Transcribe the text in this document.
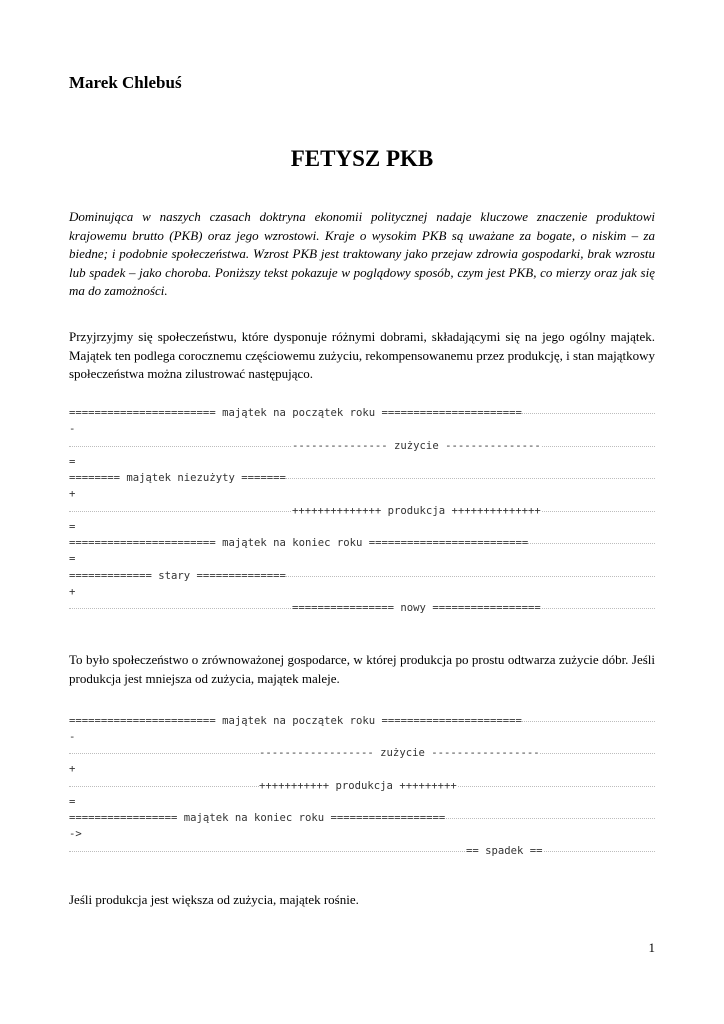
Marek Chlebuś
FETYSZ PKB
Dominująca w naszych czasach doktryna ekonomii politycznej nadaje kluczowe znaczenie produktowi krajowemu brutto (PKB) oraz jego wzrostowi. Kraje o wysokim PKB są uważane za bogate, o niskim – za biedne; i podobnie społeczeństwa. Wzrost PKB jest traktowany jako przejaw zdrowia gospodarki, brak wzrostu lub spadek – jako choroba. Poniższy tekst pokazuje w poglądowy sposób, czym jest PKB, co mierzy oraz jak się ma do zamożności.
Przyjrzyjmy się społeczeństwu, które dysponuje różnymi dobrami, składającymi się na jego ogólny majątek. Majątek ten podlega corocznemu częściowemu zużyciu, rekompensowanemu przez produkcję, i stan majątkowy społeczeństwa można zilustrować następująco.
======================= majątek na początek roku ======================
-
--------------- zużycie ---------------
=
======== majątek niezużyty =======
+
++++++++++++++ produkcja ++++++++++++++
=
======================= majątek na koniec roku =========================
=
============= stary ==============
+
================ nowy =================
To było społeczeństwo o zrównoważonej gospodarce, w której produkcja po prostu odtwarza zużycie dóbr. Jeśli produkcja jest mniejsza od zużycia, majątek maleje.
======================= majątek na początek roku ======================
-
------------------ zużycie -----------------
+
+++++++++++ produkcja +++++++++
=
================= majątek na koniec roku ==================
->
== spadek ==
Jeśli produkcja jest większa od zużycia, majątek rośnie.
1
